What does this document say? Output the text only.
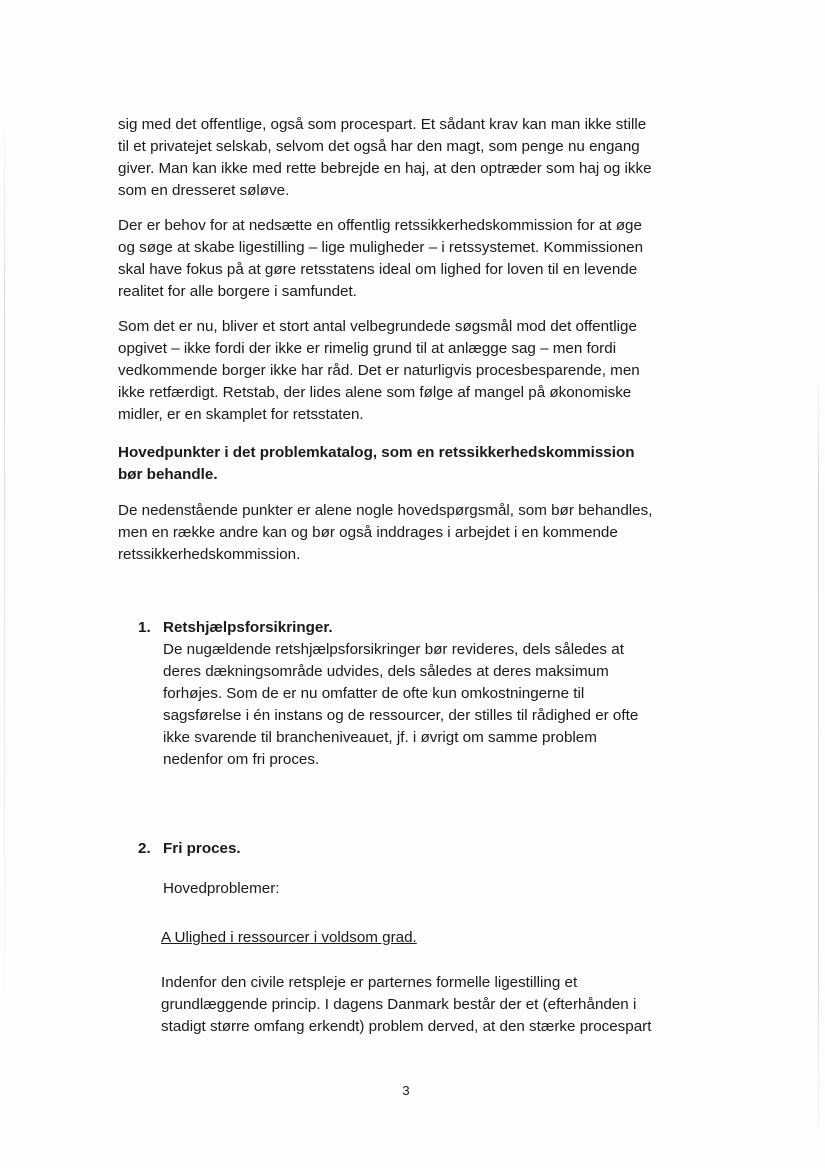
sig med det offentlige, også som procespart. Et sådant krav kan man ikke stille
til et privatejet selskab, selvom det også har den magt, som penge nu engang
giver. Man kan ikke med rette bebrejde en haj, at den optræder som haj og ikke
som en dresseret søløve.

Der er behov for at nedsætte en offentlig retssikkerhedskommission for at øge
og søge at skabe ligestilling – lige muligheder – i retssystemet. Kommissionen
skal have fokus på at gøre retsstatens ideal om lighed for loven til en levende
realitet for alle borgere i samfundet.

Som det er nu, bliver et stort antal velbegrundede søgsmål mod det offentlige
opgivet – ikke fordi der ikke er rimelig grund til at anlægge sag – men fordi
vedkommende borger ikke har råd. Det er naturligvis procesbesparende, men
ikke retfærdigt. Retstab, der lides alene som følge af mangel på økonomiske
midler, er en skamplet for retsstaten.

Hovedpunkter i det problemkatalog, som en retssikkerhedskommission
bør behandle.

De nedenstående punkter er alene nogle hovedspørgsmål, som bør behandles,
men en række andre kan og bør også inddrages i arbejdet i en kommende
retssikkerhedskommission.

1. Retshjælpsforsikringer.

De nugældende retshjælpsforsikringer bør revideres, dels således at
deres dækningsområde udvides, dels således at deres maksimum
forhøjes. Som de er nu omfatter de ofte kun omkostningerne til
sagsførelse i én instans og de ressourcer, der stilles til rådighed er ofte
ikke svarende til brancheniveauet, jf. i øvrigt om samme problem
nedenfor om fri proces.

2. Fri proces.

Hovedproblemer:

A Ulighed i ressourcer i voldsom grad.

Indenfor den civile retspleje er parternes formelle ligestilling et
grundlæggende princip. I dagens Danmark består der et (efterhånden i
stadigt større omfang erkendt) problem derved, at den stærke procespart

3
